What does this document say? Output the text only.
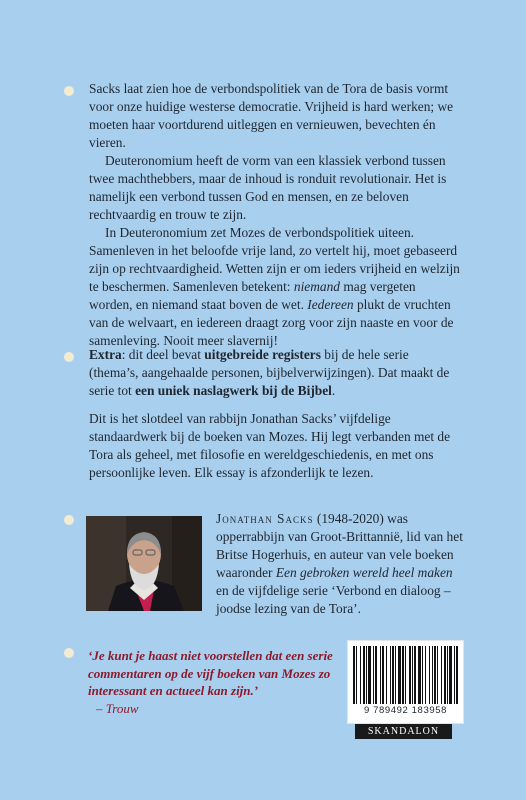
Sacks laat zien hoe de verbondspolitiek van de Tora de basis vormt voor onze huidige westerse democratie. Vrijheid is hard werken; we moeten haar voortdurend uitleggen en vernieuwen, bevechten én vieren.

Deuteronomium heeft de vorm van een klassiek verbond tussen twee machthebbers, maar de inhoud is ronduit revolutionair. Het is namelijk een verbond tussen God en mensen, en ze beloven rechtvaardig en trouw te zijn.

In Deuteronomium zet Mozes de verbondspolitiek uiteen. Samenleven in het beloofde vrije land, zo vertelt hij, moet gebaseerd zijn op rechtvaardigheid. Wetten zijn er om ieders vrijheid en welzijn te beschermen. Samenleven betekent: niemand mag vergeten worden, en niemand staat boven de wet. Iedereen plukt de vruchten van de welvaart, en iedereen draagt zorg voor zijn naaste en voor de samenleving. Nooit meer slavernij!

Extra: dit deel bevat uitgebreide registers bij de hele serie (thema’s, aangehaalde personen, bijbelverwijzingen). Dat maakt de serie tot een uniek naslagwerk bij de Bijbel.

Dit is het slotdeel van rabbijn Jonathan Sacks’ vijfdelige standaardwerk bij de boeken van Mozes. Hij legt verbanden met de Tora als geheel, met filosofie en wereldgeschiedenis, en met ons persoonlijke leven. Elk essay is afzonderlijk te lezen.

Jonathan Sacks (1948-2020) was opperrabbijn van Groot-Brittannië, lid van het Britse Hogerhuis, en auteur van vele boeken waaronder Een gebroken wereld heel maken en de vijfdelige serie ‘Verbond en dialoog – joodse lezing van de Tora’.
‘Je kunt je haast niet voorstellen dat een serie commentaren op de vijf boeken van Mozes zo interessant en actueel kan zijn.’
– Trouw	9 789492 183958
SKANDALON
